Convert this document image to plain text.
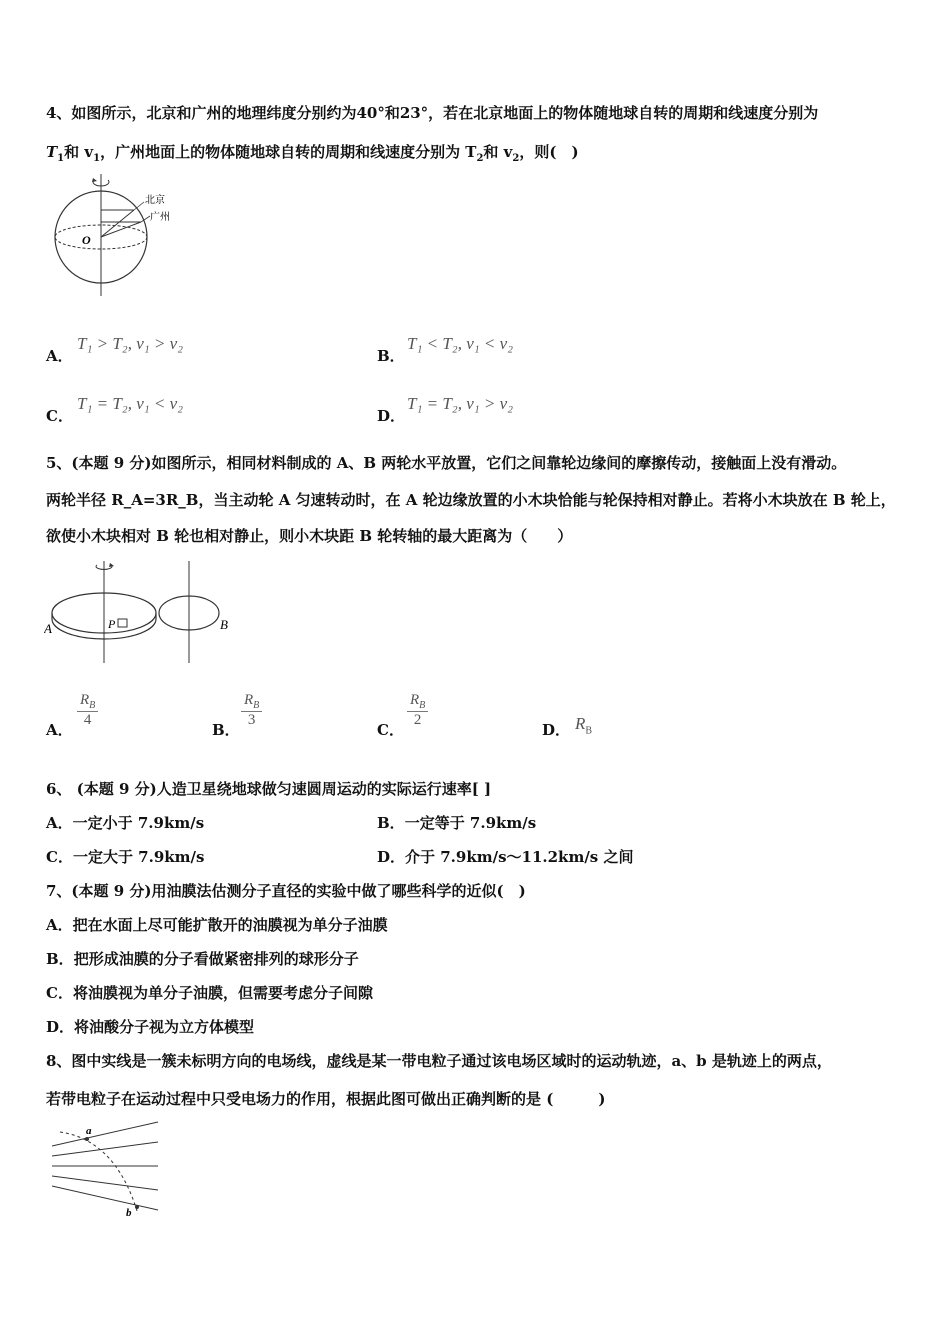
4、如图所示，北京和广州的地理纬度分别约为40°和23°，若在北京地面上的物体随地球自转的周期和线速度分别为
$T_1$和 $v_1$，广州地面上的物体随地球自转的周期和线速度分别为 $T_2$和 $v_2$，则(　)
北京
广州
O
A．
T₁ > T₂, v₁ > v₂
B．
T₁ < T₂, v₁ < v₂
C．
T₁ = T₂, v₁ < v₂
D．
T₁ = T₂, v₁ > v₂
5、(本题 9 分)如图所示，相同材料制成的 A、B 两轮水平放置，它们之间靠轮边缘间的摩擦传动，接触面上没有滑动。
两轮半径 R_A=3R_B，当主动轮 A 匀速转动时，在 A 轮边缘放置的小木块恰能与轮保持相对静止。若将小木块放在 B 轮上，
欲使小木块相对 B 轮也相对静止，则小木块距 B 轮转轴的最大距离为（　　）
P
A	B
A．
$\frac{R_B}{4}$
B．
$\frac{R_B}{3}$
C．
$\frac{R_B}{2}$
D． $R_B$
6、 (本题 9 分)人造卫星绕地球做匀速圆周运动的实际运行速率[ ]
A．一定小于 7.9km/s	B．一定等于 7.9km/s
C．一定大于 7.9km/s	D．介于 7.9km/s～11.2km/s 之间
7、(本题 9 分)用油膜法估测分子直径的实验中做了哪些科学的近似(　)
A．把在水面上尽可能扩散开的油膜视为单分子油膜
B．把形成油膜的分子看做紧密排列的球形分子
C．将油膜视为单分子油膜，但需要考虑分子间隙
D．将油酸分子视为立方体模型
8、图中实线是一簇未标明方向的电场线，虚线是某一带电粒子通过该电场区域时的运动轨迹，a、b 是轨迹上的两点，
若带电粒子在运动过程中只受电场力的作用，根据此图可做出正确判断的是 (　　　)
a
b
